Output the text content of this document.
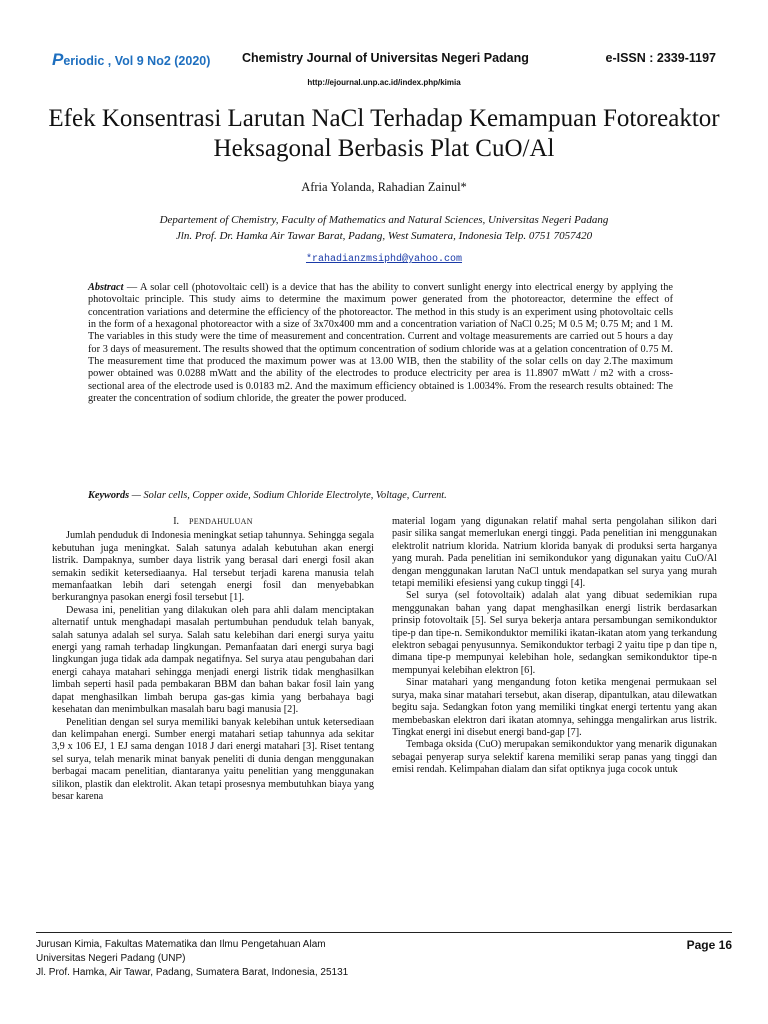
Periodic , Vol 9 No2 (2020)	Chemistry Journal of Universitas Negeri Padang	e-ISSN : 2339-1197
http://ejournal.unp.ac.id/index.php/kimia
Efek Konsentrasi Larutan NaCl Terhadap Kemampuan Fotoreaktor Heksagonal Berbasis Plat CuO/Al
Afria Yolanda, Rahadian Zainul*
Departement of Chemistry, Faculty of Mathematics and Natural Sciences, Universitas Negeri Padang
Jln. Prof. Dr. Hamka Air Tawar Barat, Padang, West Sumatera, Indonesia Telp. 0751 7057420
*rahadianzmsiphd@yahoo.com
Abstract — A solar cell (photovoltaic cell) is a device that has the ability to convert sunlight energy into electrical energy by applying the photovoltaic principle. This study aims to determine the maximum power generated from the photoreactor, determine the effect of concentration variations and determine the efficiency of the photoreactor. The method in this study is an experiment using photovoltaic cells in the form of a hexagonal photoreactor with a size of 3x70x400 mm and a concentration variation of NaCl 0.25; M 0.5 M; 0.75 M; and 1 M. The variables in this study were the time of measurement and concentration. Current and voltage measurements are carried out 5 hours a day for 3 days of measurement. The results showed that the optimum concentration of sodium chloride was at a gelation concentration of 0.75 M. The measurement time that produced the maximum power was at 13.00 WIB, then the stability of the solar cells on day 2.The maximum power obtained was 0.0288 mWatt and the ability of the electrodes to produce electricity per area is 11.8907 mWatt / m2 with a cross-sectional area of the electrode used is 0.0183 m2. And the maximum efficiency obtained is 1.0034%. From the research results obtained: The greater the concentration of sodium chloride, the greater the power produced.
Keywords — Solar cells, Copper oxide, Sodium Chloride Electrolyte, Voltage, Current.
I. PENDAHULUAN

Jumlah penduduk di Indonesia meningkat setiap tahunnya. Sehingga segala kebutuhan juga meningkat. Salah satunya adalah kebutuhan akan energi listrik. Dampaknya, sumber daya listrik yang berasal dari energi fosil akan semakin sedikit ketersediaanya. Hal tersebut terjadi karena manusia telah memanfaatkan lebih dari setengah energi fosil dan menyebabkan berkurangnya pasokan energi fosil tersebut [1].

Dewasa ini, penelitian yang dilakukan oleh para ahli dalam menciptakan alternatif untuk menghadapi masalah pertumbuhan penduduk telah banyak, salah satunya adalah sel surya. Salah satu kelebihan dari energi surya yaitu energi yang ramah terhadap lingkungan. Pemanfaatan dari energi surya bagi lingkungan juga tidak ada dampak negatifnya. Sel surya atau pengubahan dari energi cahaya matahari sehingga menjadi energi listrik tidak menghasilkan limbah seperti hasil pada pembakaran BBM dan bahan bakar fosil lain yang dapat menghasilkan limbah berupa gas-gas kimia yang berbahaya bagi kesehatan dan menimbulkan masalah baru bagi manusia [2].

Penelitian dengan sel surya memiliki banyak kelebihan untuk ketersediaan dan kelimpahan energi. Sumber energi matahari setiap tahunnya ada sekitar 3,9 x 106 EJ, 1 EJ sama dengan 1018 J dari energi matahari [3]. Riset tentang sel surya, telah menarik minat banyak peneliti di dunia dengan menggunakan berbagai macam penelitian, diantaranya yaitu penelitian yang menggunakan silikon, plastik dan elektrolit. Akan tetapi prosesnya membutuhkan biaya yang besar karena

material logam yang digunakan relatif mahal serta pengolahan silikon dari pasir silika sangat memerlukan energi tinggi. Pada penelitian ini menggunakan elektrolit natrium klorida. Natrium klorida banyak di produksi serta harganya yang murah. Pada penelitian ini semikondukor yang digunakan yaitu CuO/Al dengan menggunakan larutan NaCl untuk mendapatkan sel surya yang murah tetapi memiliki efesiensi yang cukup tinggi [4].

Sel surya (sel fotovoltaik) adalah alat yang dibuat sedemikian rupa menggunakan bahan yang dapat menghasilkan energi listrik berdasarkan prinsip fotovoltaik [5]. Sel surya bekerja antara persambungan semikonduktor tipe-p dan tipe-n. Semikonduktor memiliki ikatan-ikatan atom yang terkandung elektron sebagai penyusunnya. Semikonduktor terbagi 2 yaitu tipe p dan tipe n, dimana tipe-p mempunyai kelebihan hole, sedangkan semikonduktor tipe-n mempunyai kelebihan elektron [6].

Sinar matahari yang mengandung foton ketika mengenai permukaan sel surya, maka sinar matahari tersebut, akan diserap, dipantulkan, atau dilewatkan begitu saja. Sedangkan foton yang memiliki tingkat energi tertentu yang akan membebaskan elektron dari ikatan atomnya, sehingga mengalirkan arus listrik. Tingkat energi ini disebut energi band-gap [7].

Tembaga oksida (CuO) merupakan semikonduktor yang menarik digunakan sebagai penyerap surya selektif karena memiliki serap panas yang tinggi dan emisi rendah. Kelimpahan dialam dan sifat optiknya juga cocok untuk

Jurusan Kimia, Fakultas Matematika dan Ilmu Pengetahuan Alam
Universitas Negeri Padang (UNP)
Jl. Prof. Hamka, Air Tawar, Padang, Sumatera Barat, Indonesia, 25131
Page 16
